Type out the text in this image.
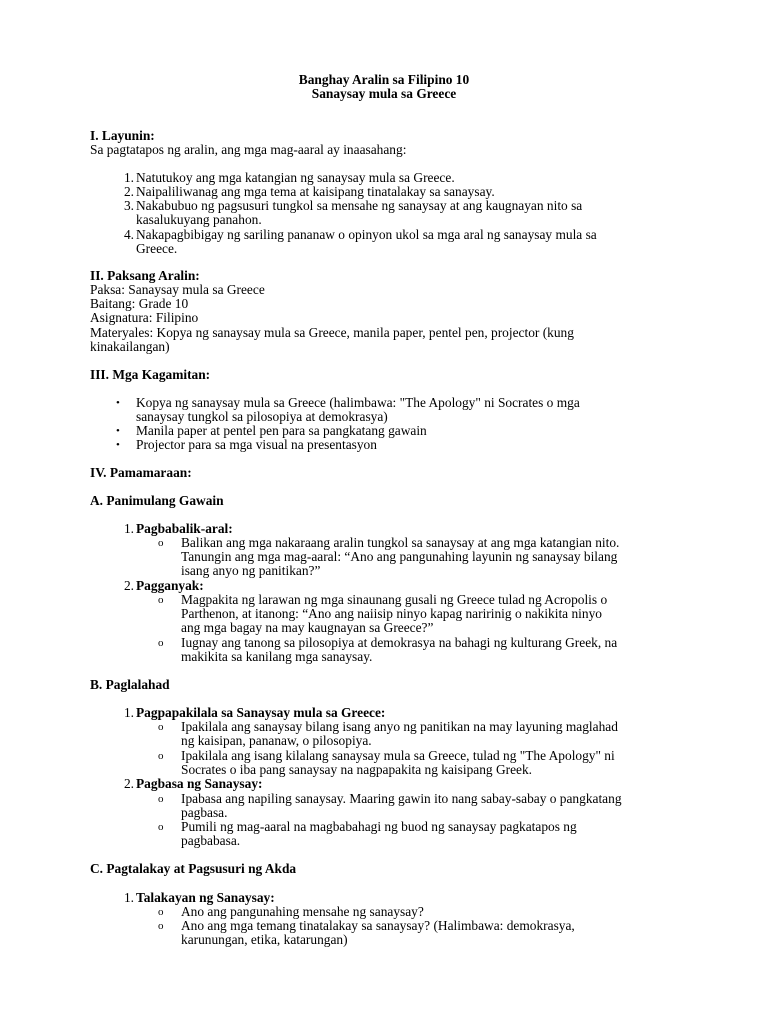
Banghay Aralin sa Filipino 10
Sanaysay mula sa Greece
I. Layunin:
Sa pagtatapos ng aralin, ang mga mag-aaral ay inaasahang:
1. Natutukoy ang mga katangian ng sanaysay mula sa Greece.
2. Naipaliliwanag ang mga tema at kaisipang tinatalakay sa sanaysay.
3. Nakabubuo ng pagsusuri tungkol sa mensahe ng sanaysay at ang kaugnayan nito sa
kasalukuyang panahon.
4. Nakapagbibigay ng sariling pananaw o opinyon ukol sa mga aral ng sanaysay mula sa
Greece.
II. Paksang Aralin:
Paksa: Sanaysay mula sa Greece
Baitang: Grade 10
Asignatura: Filipino
Materyales: Kopya ng sanaysay mula sa Greece, manila paper, pentel pen, projector (kung
kinakailangan)
III. Mga Kagamitan:
• Kopya ng sanaysay mula sa Greece (halimbawa: "The Apology" ni Socrates o mga
sanaysay tungkol sa pilosopiya at demokrasya)
• Manila paper at pentel pen para sa pangkatang gawain
• Projector para sa mga visual na presentasyon
IV. Pamamaraan:
A. Panimulang Gawain
1. Pagbabalik-aral:
o Balikan ang mga nakaraang aralin tungkol sa sanaysay at ang mga katangian nito.
Tanungin ang mga mag-aaral: “Ano ang pangunahing layunin ng sanaysay bilang
isang anyo ng panitikan?”
2. Pagganyak:
o Magpakita ng larawan ng mga sinaunang gusali ng Greece tulad ng Acropolis o
Parthenon, at itanong: “Ano ang naiisip ninyo kapag naririnig o nakikita ninyo
ang mga bagay na may kaugnayan sa Greece?”
o Iugnay ang tanong sa pilosopiya at demokrasya na bahagi ng kulturang Greek, na
makikita sa kanilang mga sanaysay.
B. Paglalahad
1. Pagpapakilala sa Sanaysay mula sa Greece:
o Ipakilala ang sanaysay bilang isang anyo ng panitikan na may layuning maglahad
ng kaisipan, pananaw, o pilosopiya.
o Ipakilala ang isang kilalang sanaysay mula sa Greece, tulad ng "The Apology" ni
Socrates o iba pang sanaysay na nagpapakita ng kaisipang Greek.
2. Pagbasa ng Sanaysay:
o Ipabasa ang napiling sanaysay. Maaring gawin ito nang sabay-sabay o pangkatang
pagbasa.
o Pumili ng mag-aaral na magbabahagi ng buod ng sanaysay pagkatapos ng
pagbabasa.
C. Pagtalakay at Pagsusuri ng Akda
1. Talakayan ng Sanaysay:
o Ano ang pangunahing mensahe ng sanaysay?
o Ano ang mga temang tinatalakay sa sanaysay? (Halimbawa: demokrasya,
karunungan, etika, katarungan)
